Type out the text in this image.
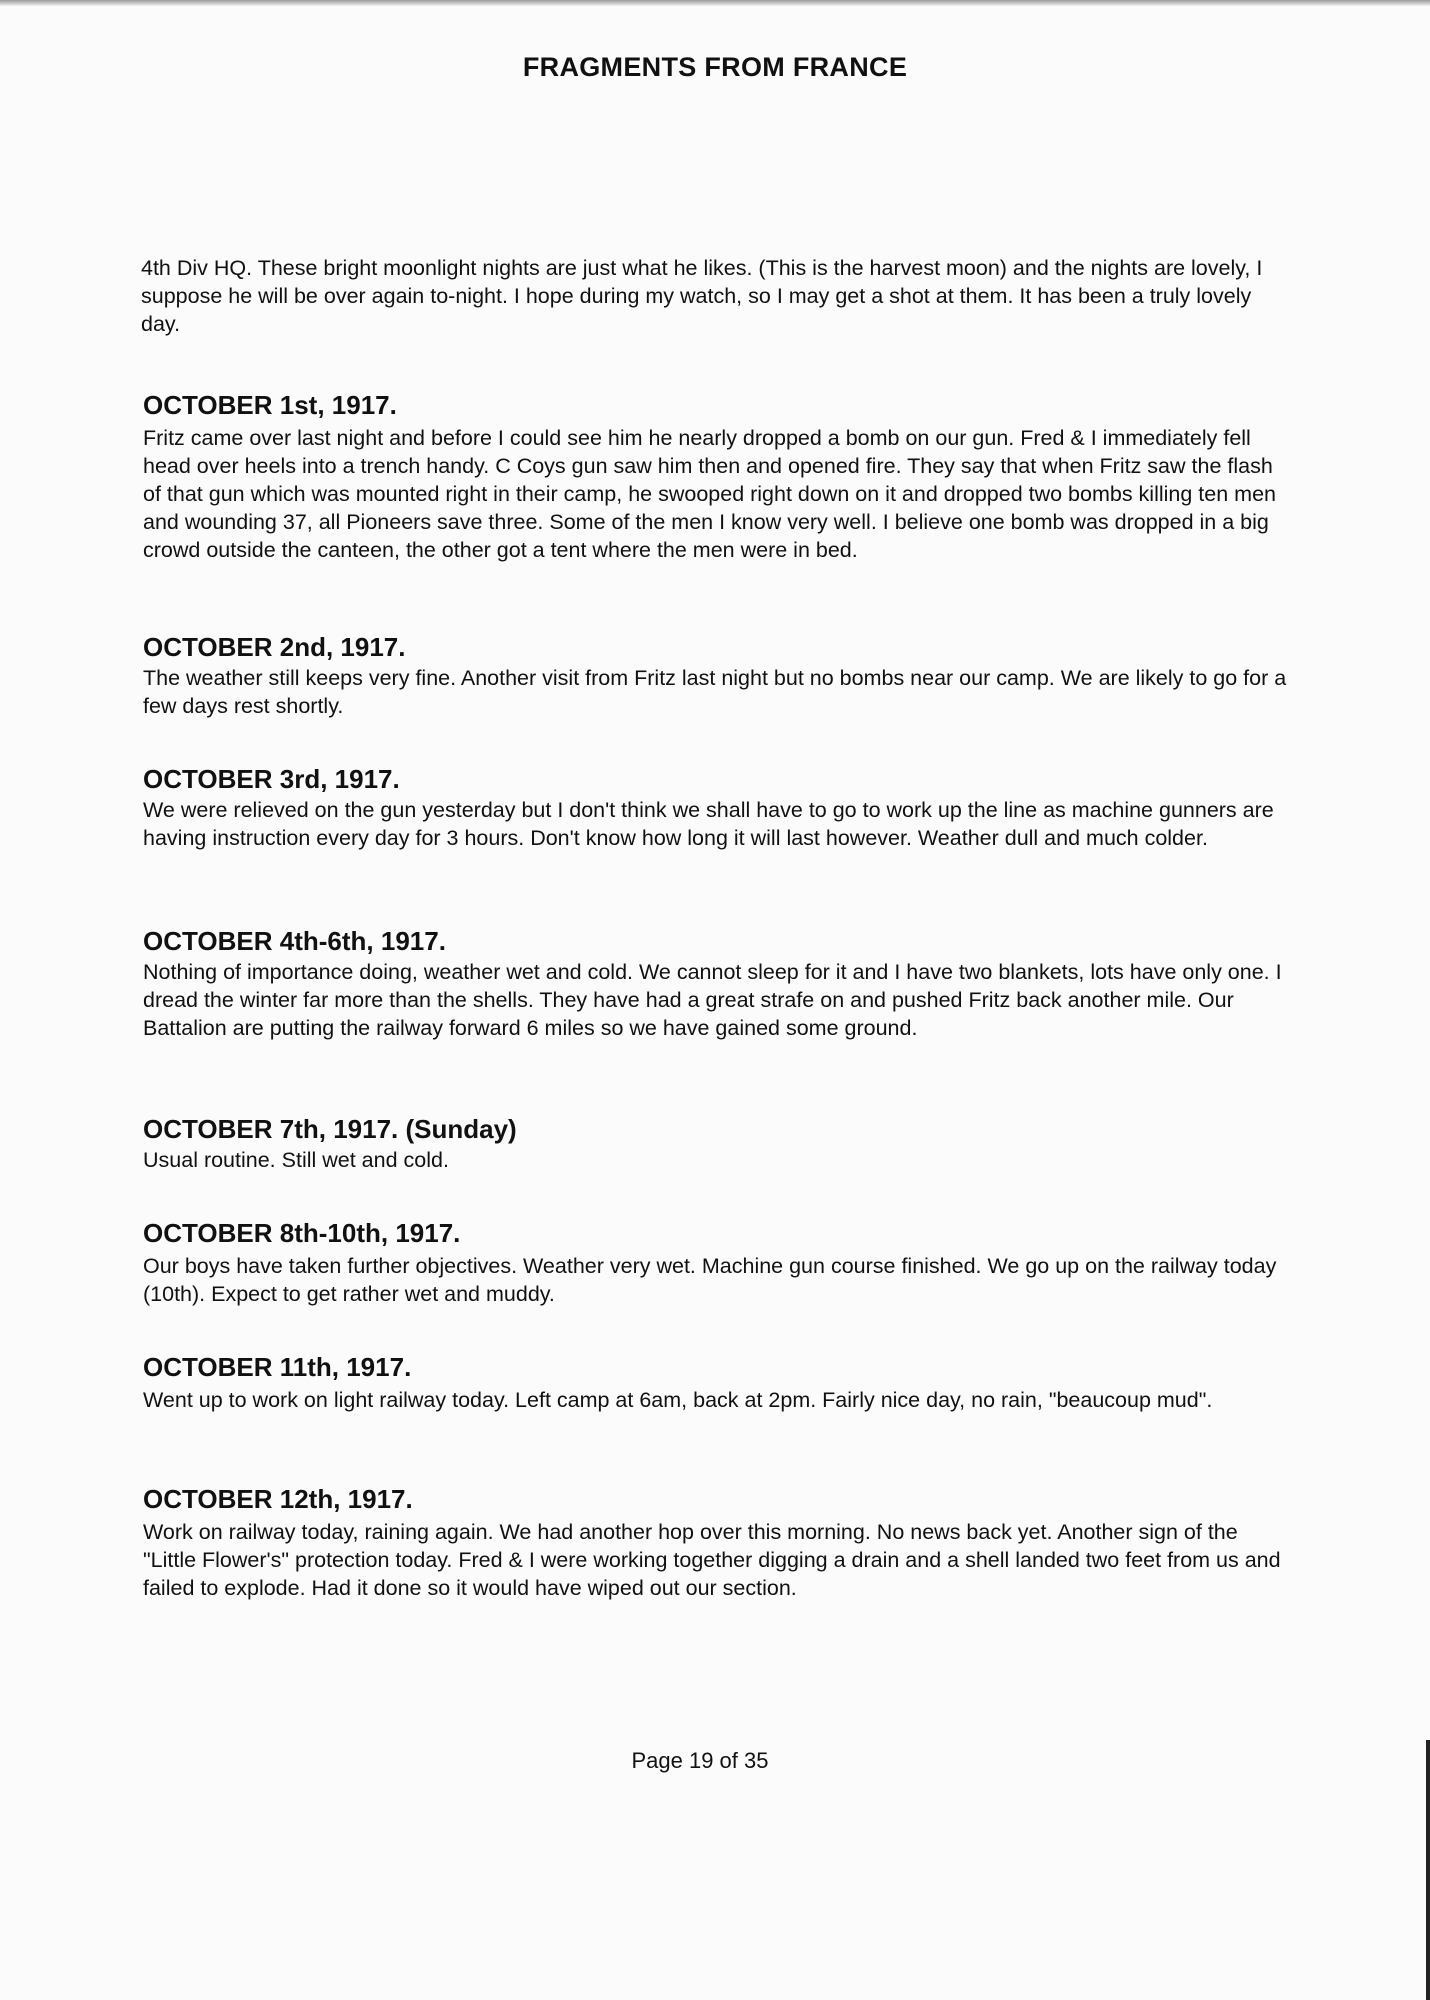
FRAGMENTS FROM FRANCE
4th Div HQ. These bright moonlight nights are just what he likes. (This is the harvest moon) and the nights are lovely, I suppose he will be over again to-night. I hope during my watch, so I may get a shot at them. It has been a truly lovely day.
OCTOBER 1st, 1917.
Fritz came over last night and before I could see him he nearly dropped a bomb on our gun. Fred & I immediately fell head over heels into a trench handy. C Coys gun saw him then and opened fire. They say that when Fritz saw the flash of that gun which was mounted right in their camp, he swooped right down on it and dropped two bombs killing ten men and wounding 37, all Pioneers save three. Some of the men I know very well. I believe one bomb was dropped in a big crowd outside the canteen, the other got a tent where the men were in bed.
OCTOBER 2nd, 1917.
The weather still keeps very fine. Another visit from Fritz last night but no bombs near our camp. We are likely to go for a few days rest shortly.
OCTOBER 3rd, 1917.
We were relieved on the gun yesterday but I don't think we shall have to go to work up the line as machine gunners are having instruction every day for 3 hours. Don't know how long it will last however. Weather dull and much colder.
OCTOBER 4th-6th, 1917.
Nothing of importance doing, weather wet and cold. We cannot sleep for it and I have two blankets, lots have only one. I dread the winter far more than the shells. They have had a great strafe on and pushed Fritz back another mile. Our Battalion are putting the railway forward 6 miles so we have gained some ground.
OCTOBER 7th, 1917. (Sunday)
Usual routine. Still wet and cold.
OCTOBER 8th-10th, 1917.
Our boys have taken further objectives. Weather very wet. Machine gun course finished. We go up on the railway today (10th). Expect to get rather wet and muddy.
OCTOBER 11th, 1917.
Went up to work on light railway today. Left camp at 6am, back at 2pm. Fairly nice day, no rain, "beaucoup mud".
OCTOBER 12th, 1917.
Work on railway today, raining again. We had another hop over this morning. No news back yet. Another sign of the "Little Flower's" protection today. Fred & I were working together digging a drain and a shell landed two feet from us and failed to explode. Had it done so it would have wiped out our section.
Page 19 of 35
